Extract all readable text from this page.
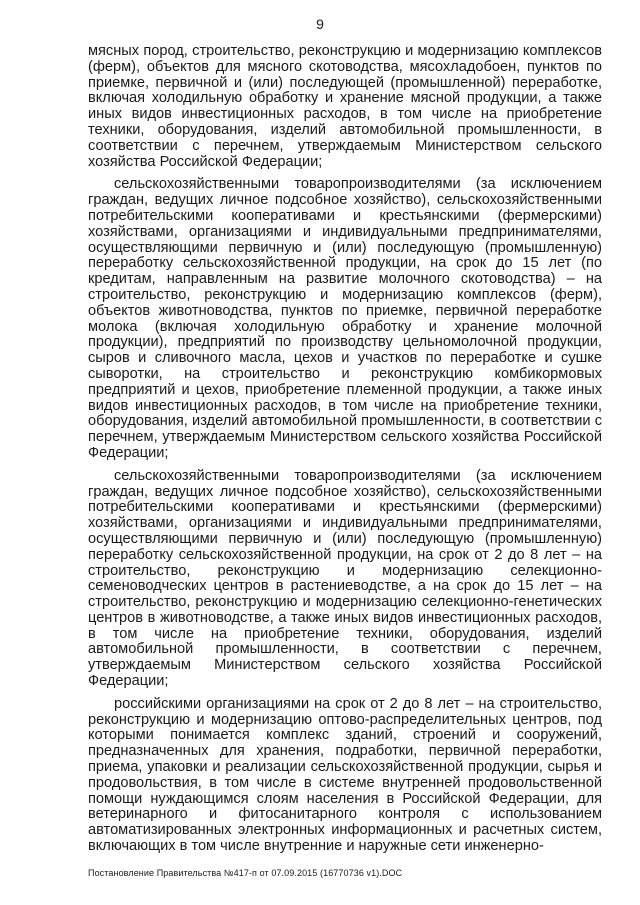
9

мясных пород, строительство, реконструкцию и модернизацию комплексов (ферм), объектов для мясного скотоводства, мясохладобоен, пунктов по приемке, первичной и (или) последующей (промышленной) переработке, включая холодильную обработку и хранение мясной продукции, а также иных видов инвестиционных расходов, в том числе на приобретение техники, оборудования, изделий автомобильной промышленности, в соответствии с перечнем, утверждаемым Министерством сельского хозяйства Российской Федерации;

сельскохозяйственными товаропроизводителями (за исключением граждан, ведущих личное подсобное хозяйство), сельскохозяйственными потребительскими кооперативами и крестьянскими (фермерскими) хозяйствами, организациями и индивидуальными предпринимателями, осуществляющими первичную и (или) последующую (промышленную) переработку сельскохозяйственной продукции, на срок до 15 лет (по кредитам, направленным на развитие молочного скотоводства) – на строительство, реконструкцию и модернизацию комплексов (ферм), объектов животноводства, пунктов по приемке, первичной переработке молока (включая холодильную обработку и хранение молочной продукции), предприятий по производству цельномолочной продукции, сыров и сливочного масла, цехов и участков по переработке и сушке сыворотки, на строительство и реконструкцию комбикормовых предприятий и цехов, приобретение племенной продукции, а также иных видов инвестиционных расходов, в том числе на приобретение техники, оборудования, изделий автомобильной промышленности, в соответствии с перечнем, утверждаемым Министерством сельского хозяйства Российской Федерации;

сельскохозяйственными товаропроизводителями (за исключением граждан, ведущих личное подсобное хозяйство), сельскохозяйственными потребительскими кооперативами и крестьянскими (фермерскими) хозяйствами, организациями и индивидуальными предпринимателями, осуществляющими первичную и (или) последующую (промышленную) переработку сельскохозяйственной продукции, на срок от 2 до 8 лет – на строительство, реконструкцию и модернизацию селекционно-семеноводческих центров в растениеводстве, а на срок до 15 лет – на строительство, реконструкцию и модернизацию селекционно-генетических центров в животноводстве, а также иных видов инвестиционных расходов, в том числе на приобретение техники, оборудования, изделий автомобильной промышленности, в соответствии с перечнем, утверждаемым Министерством сельского хозяйства Российской Федерации;

российскими организациями на срок от 2 до 8 лет – на строительство, реконструкцию и модернизацию оптово-распределительных центров, под которыми понимается комплекс зданий, строений и сооружений, предназначенных для хранения, подработки, первичной переработки, приема, упаковки и реализации сельскохозяйственной продукции, сырья и продовольствия, в том числе в системе внутренней продовольственной помощи нуждающимся слоям населения в Российской Федерации, для ветеринарного и фитосанитарного контроля с использованием автоматизированных электронных информационных и расчетных систем, включающих в том числе внутренние и наружные сети инженерно-

Постановление Правительства №417-п от 07.09.2015 (16770736 v1).DOC
